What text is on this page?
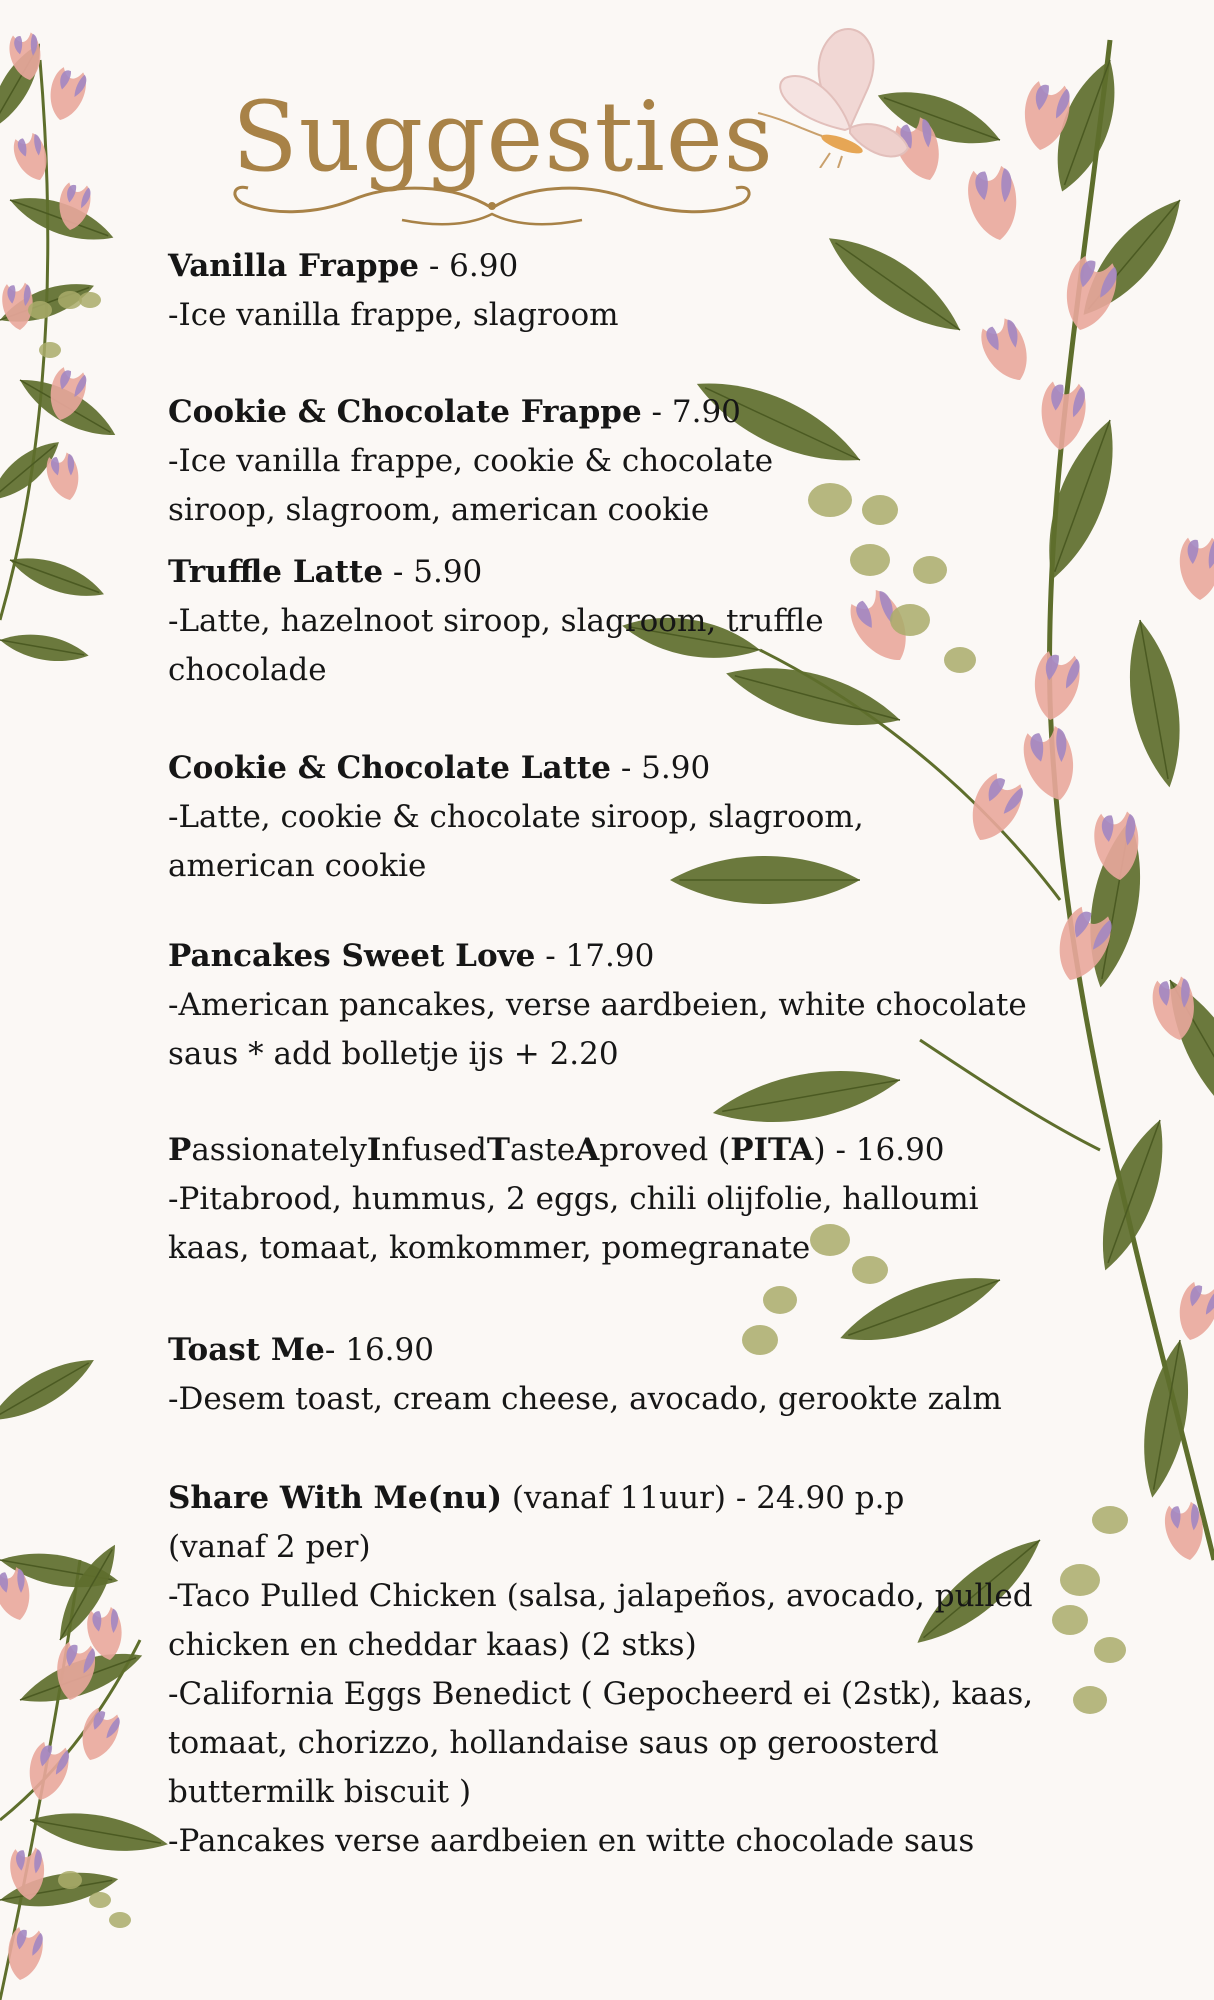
Suggesties
Vanilla Frappe - 6.90
-Ice vanilla frappe, slagroom
Cookie & Chocolate Frappe - 7.90
-Ice vanilla frappe, cookie & chocolate
siroop, slagroom, american cookie
Truffle Latte - 5.90
-Latte, hazelnoot siroop, slagroom, truffle
chocolade
Cookie & Chocolate Latte - 5.90
-Latte, cookie & chocolate siroop, slagroom,
american cookie
Pancakes Sweet Love - 17.90
-American pancakes, verse aardbeien, white chocolate
saus * add bolletje ijs + 2.20
PassionatelyInfusedTasteAproved (PITA) - 16.90
-Pitabrood, hummus, 2 eggs, chili olijfolie, halloumi
kaas, tomaat, komkommer, pomegranate
Toast Me- 16.90
-Desem toast, cream cheese, avocado, gerookte zalm
Share With Me(nu) (vanaf 11uur) - 24.90 p.p
(vanaf 2 per)
-Taco Pulled Chicken (salsa, jalapeños, avocado, pulled
chicken en cheddar kaas) (2 stks)
-California Eggs Benedict ( Gepocheerd ei (2stk), kaas,
tomaat, chorizzo, hollandaise saus op geroosterd
buttermilk biscuit )
-Pancakes verse aardbeien en witte chocolade saus
